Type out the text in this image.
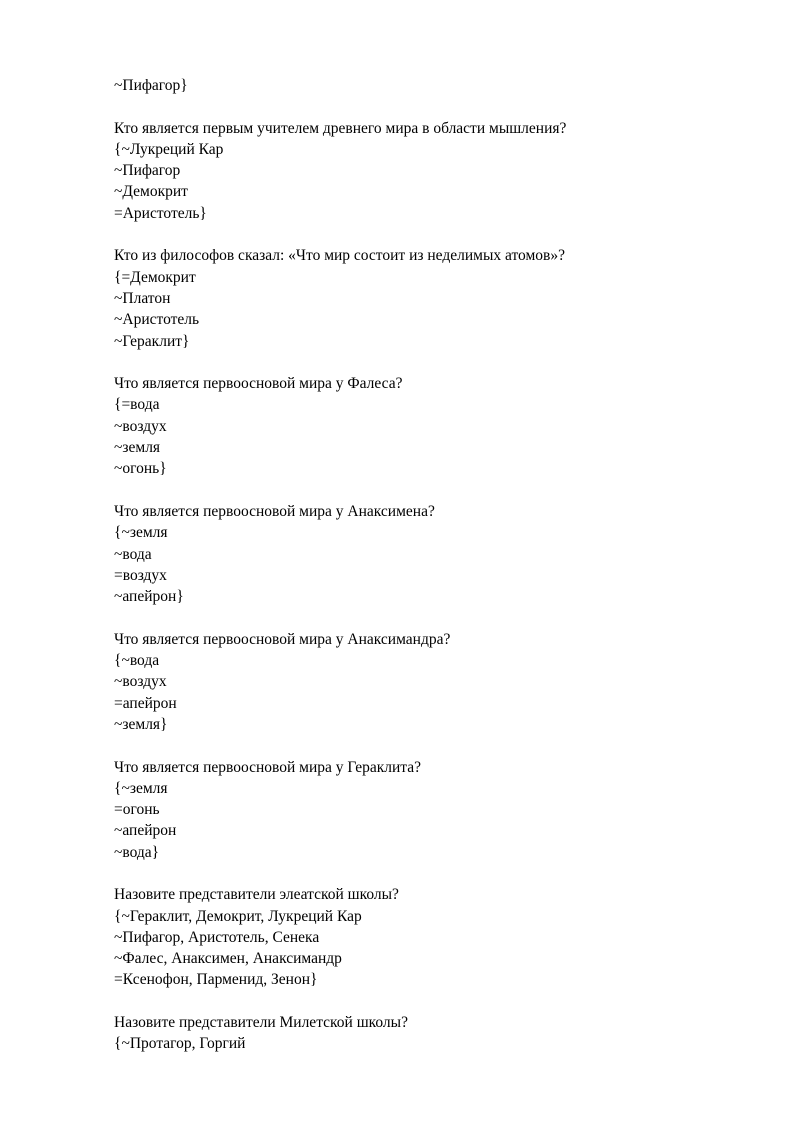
~Пифагор}
Кто является первым учителем древнего мира в области мышления?
{~Лукреций Кар
~Пифагор
~Демокрит
=Аристотель}
Кто из философов сказал: «Что мир состоит из неделимых атомов»?
{=Демокрит
~Платон
~Аристотель
~Гераклит}
Что является первоосновой мира у Фалеса?
{=вода
~воздух
~земля
~огонь}
Что является первоосновой мира у Анаксимена?
{~земля
~вода
=воздух
~апейрон}
Что является первоосновой мира у Анаксимандра?
{~вода
~воздух
=апейрон
~земля}
Что является первоосновой мира у Гераклита?
{~земля
=огонь
~апейрон
~вода}
Назовите представители элеатской школы?
{~Гераклит, Демокрит, Лукреций Кар
~Пифагор, Аристотель, Сенека
~Фалес, Анаксимен, Анаксимандр
=Ксенофон, Парменид, Зенон}
Назовите представители Милетской школы?
{~Протагор, Горгий
